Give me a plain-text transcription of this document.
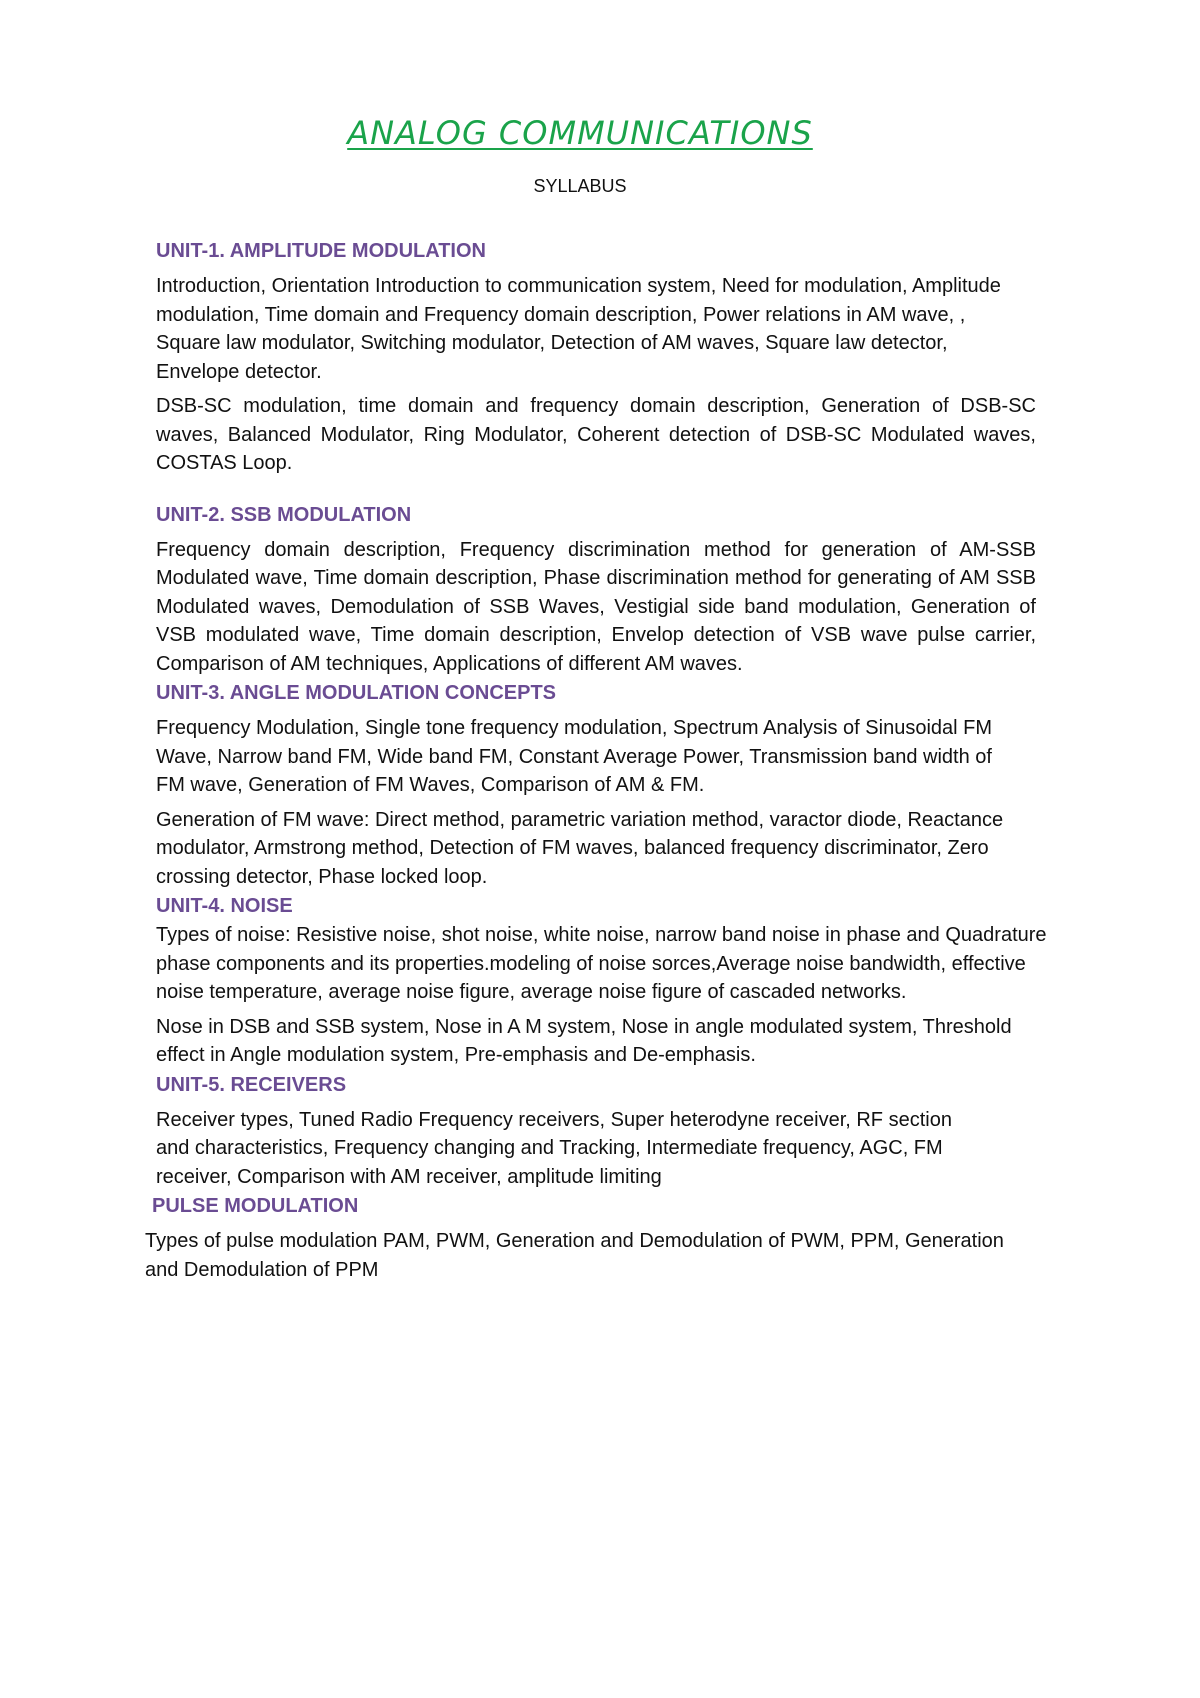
ANALOG COMMUNICATIONS
SYLLABUS
UNIT-1. AMPLITUDE MODULATION

Introduction, Orientation Introduction to communication system, Need for modulation, Amplitude modulation, Time domain and Frequency domain description, Power relations in AM wave, , Square law modulator, Switching modulator, Detection of AM waves, Square law detector, Envelope detector.

DSB-SC modulation, time domain and frequency domain description, Generation of DSB-SC waves, Balanced Modulator, Ring Modulator, Coherent detection of DSB-SC Modulated waves, COSTAS Loop.

UNIT-2. SSB MODULATION

Frequency domain description, Frequency discrimination method for generation of AM-SSB Modulated wave, Time domain description, Phase discrimination method for generating of AM SSB Modulated waves, Demodulation of SSB Waves, Vestigial side band modulation, Generation of VSB modulated wave, Time domain description, Envelop detection of VSB wave pulse carrier, Comparison of AM techniques, Applications of different AM waves.

UNIT-3. ANGLE MODULATION CONCEPTS

Frequency Modulation, Single tone frequency modulation, Spectrum Analysis of Sinusoidal FM Wave, Narrow band FM, Wide band FM, Constant Average Power, Transmission band width of FM wave, Generation of FM Waves, Comparison of AM & FM.

Generation of FM wave: Direct method, parametric variation method, varactor diode, Reactance modulator, Armstrong method, Detection of FM waves, balanced frequency discriminator, Zero crossing detector, Phase locked loop.

UNIT-4. NOISE

Types of noise: Resistive noise, shot noise, white noise, narrow band noise in phase and Quadrature phase components and its properties.modeling of noise sorces,Average noise bandwidth, effective noise temperature, average noise figure, average noise figure of cascaded networks.

Nose in DSB and SSB system, Nose in A M system, Nose in angle modulated system, Threshold effect in Angle modulation system, Pre-emphasis and De-emphasis.

UNIT-5. RECEIVERS

Receiver types, Tuned Radio Frequency receivers, Super heterodyne receiver, RF section and characteristics, Frequency changing and Tracking, Intermediate frequency, AGC, FM receiver, Comparison with AM receiver, amplitude limiting

PULSE MODULATION

Types of pulse modulation PAM, PWM, Generation and Demodulation of PWM, PPM, Generation and Demodulation of PPM
